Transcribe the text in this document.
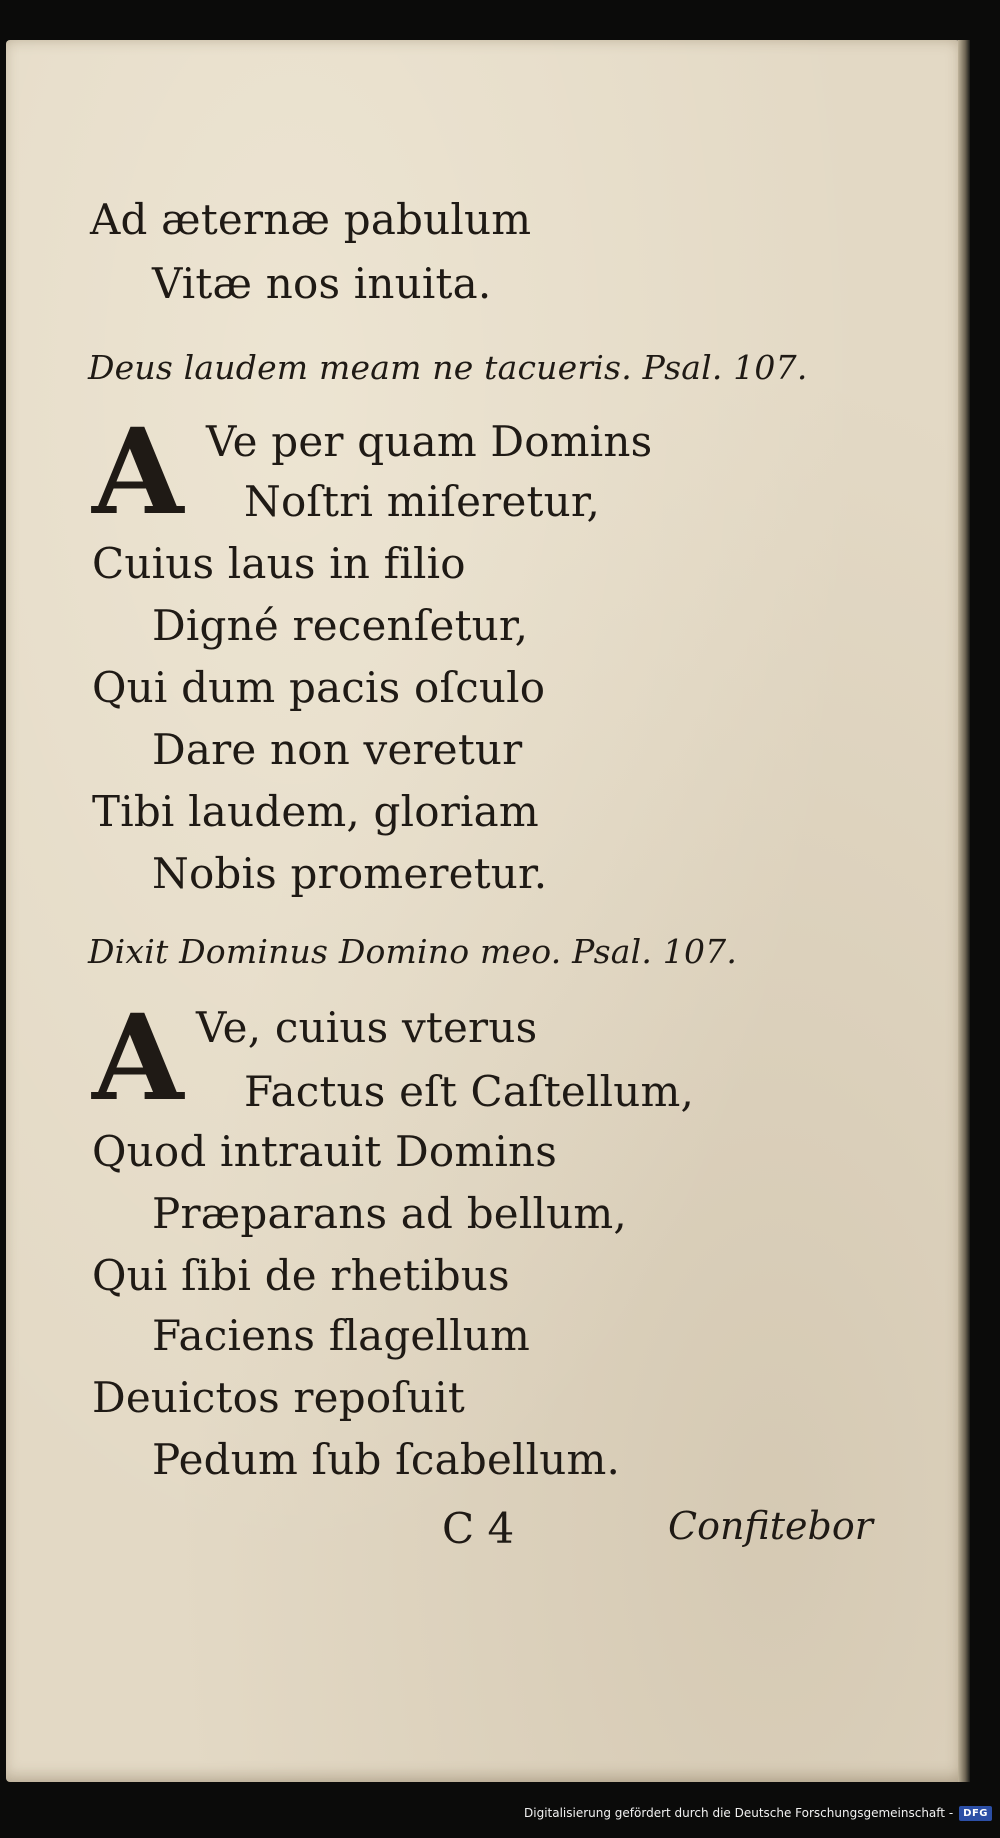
Ad æternæ pabulum
Vitæ nos inuita.
Deus laudem meam ne tacueris. Psal. 107.
A Ve per quam Domins
Noſtri miſeretur,
Cuius laus in filio
Digné recenſetur,
Qui dum pacis oſculo
Dare non veretur
Tibi laudem, gloriam
Nobis promeretur.
Dixit Dominus Domino meo. Psal. 107.
A Ve, cuius vterus
Factus eſt Caſtellum,
Quod intrauit Domins
Præparans ad bellum,
Qui ſibi de rhetibus
Faciens flagellum
Deuictos repoſuit
Pedum ſub ſcabellum.
C 4	Confitebor
Digitalisierung gefördert durch die Deutsche Forschungsgemeinschaft -	DFG
